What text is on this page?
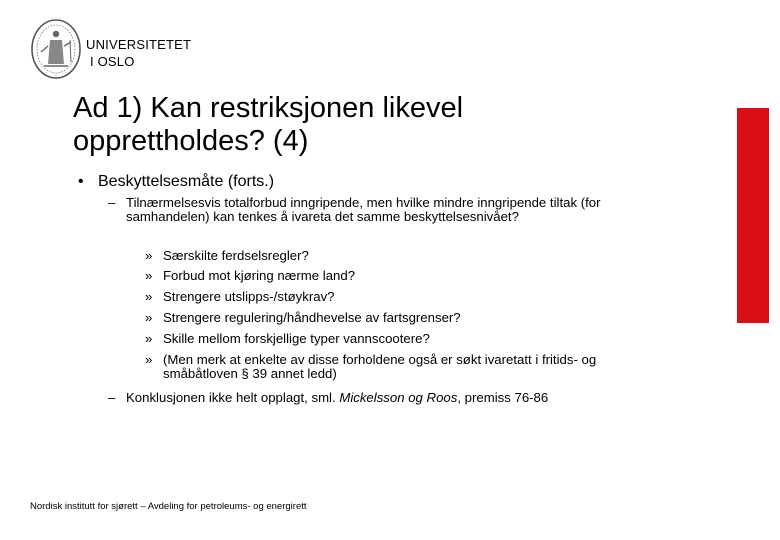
UNIVERSITETET
I OSLO
Ad 1) Kan restriksjonen likevel
opprettholdes? (4)
• Beskyttelsesmåte (forts.)
– Tilnærmelsesvis totalforbud inngripende, men hvilke mindre inngripende tiltak (for samhandelen) kan tenkes å ivareta det samme beskyttelsesnivået?
» Særskilte ferdselsregler?
» Forbud mot kjøring nærme land?
» Strengere utslipps-/støykrav?
» Strengere regulering/håndhevelse av fartsgrenser?
» Skille mellom forskjellige typer vannscootere?
» (Men merk at enkelte av disse forholdene også er søkt ivaretatt i fritids- og småbåtloven § 39 annet ledd)
– Konklusjonen ikke helt opplagt, sml. Mickelsson og Roos, premiss 76-86
Nordisk institutt for sjørett – Avdeling for petroleums- og energirett
